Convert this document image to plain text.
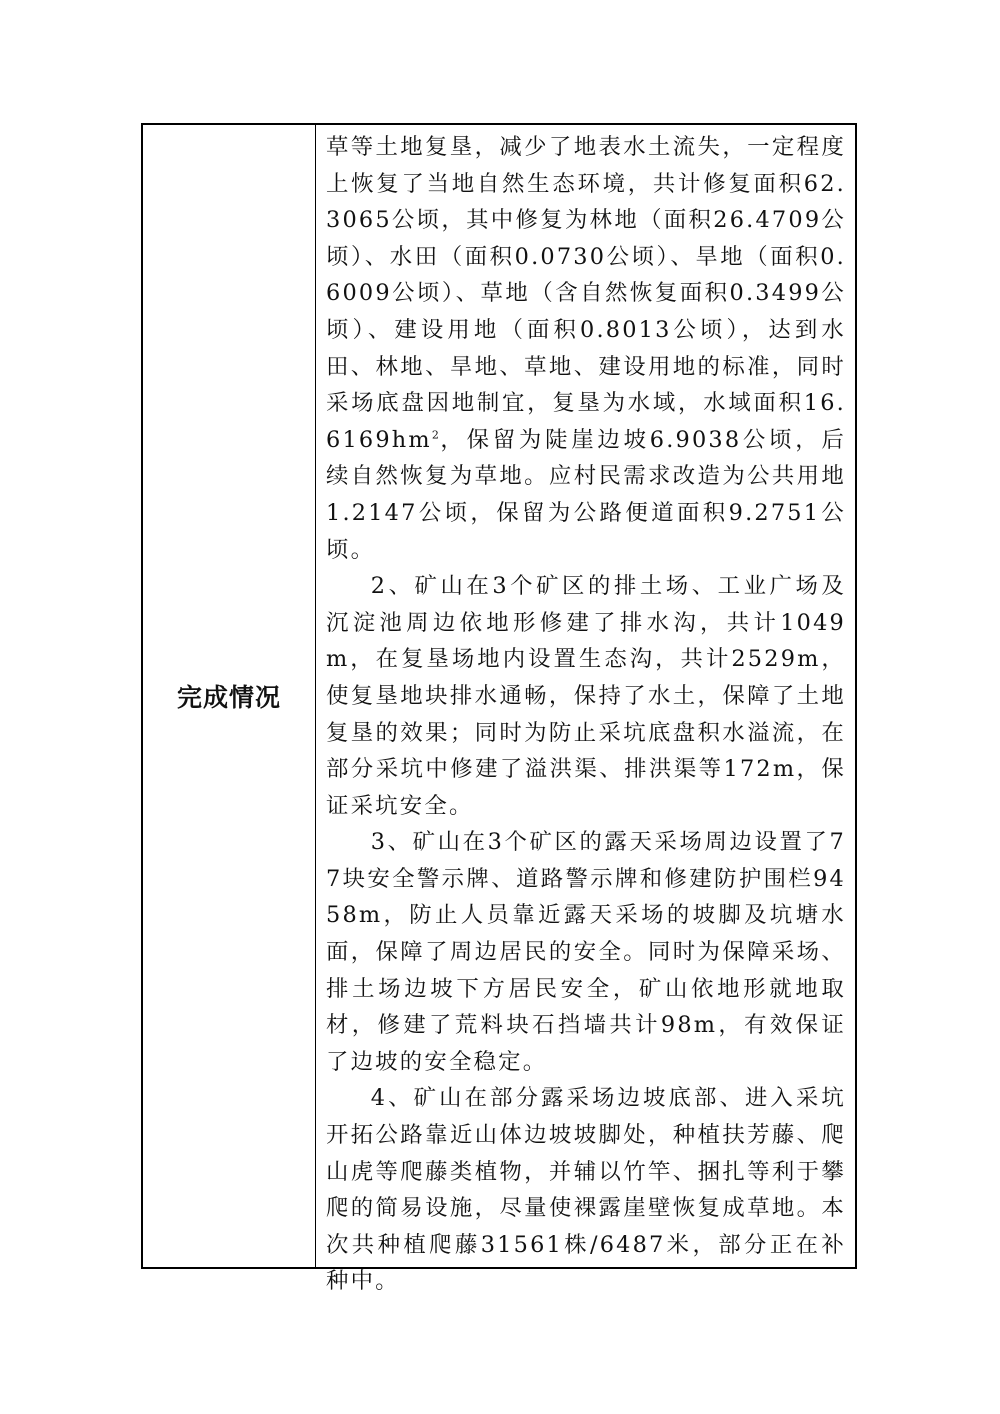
完成情况

草等土地复垦，减少了地表水土流失，一定程度上恢复了当地自然生态环境，共计修复面积62.3065公顷，其中修复为林地（面积26.4709公顷）、水田（面积0.0730公顷）、旱地（面积0.6009公顷）、草地（含自然恢复面积0.3499公顷）、建设用地（面积0.8013公顷），达到水田、林地、旱地、草地、建设用地的标准，同时采场底盘因地制宜，复垦为水域，水域面积$16.6169hm^2$，保留为陡崖边坡6.9038公顷，后续自然恢复为草地。应村民需求改造为公共用地1.2147公顷，保留为公路便道面积9.2751公顷。

2、矿山在3个矿区的排土场、工业广场及沉淀池周边依地形修建了排水沟，共计1049m，在复垦场地内设置生态沟，共计2529m，使复垦地块排水通畅，保持了水土，保障了土地复垦的效果；同时为防止采坑底盘积水溢流，在部分采坑中修建了溢洪渠、排洪渠等172m，保证采坑安全。

3、矿山在3个矿区的露天采场周边设置了77块安全警示牌、道路警示牌和修建防护围栏9458m，防止人员靠近露天采场的坡脚及坑塘水面，保障了周边居民的安全。同时为保障采场、排土场边坡下方居民安全，矿山依地形就地取材，修建了荒料块石挡墙共计98m，有效保证了边坡的安全稳定。

4、矿山在部分露采场边坡底部、进入采坑开拓公路靠近山体边坡坡脚处，种植扶芳藤、爬山虎等爬藤类植物，并辅以竹竿、捆扎等利于攀爬的简易设施，尽量使裸露崖壁恢复成草地。本次共种植爬藤31561株/6487米，部分正在补种中。
